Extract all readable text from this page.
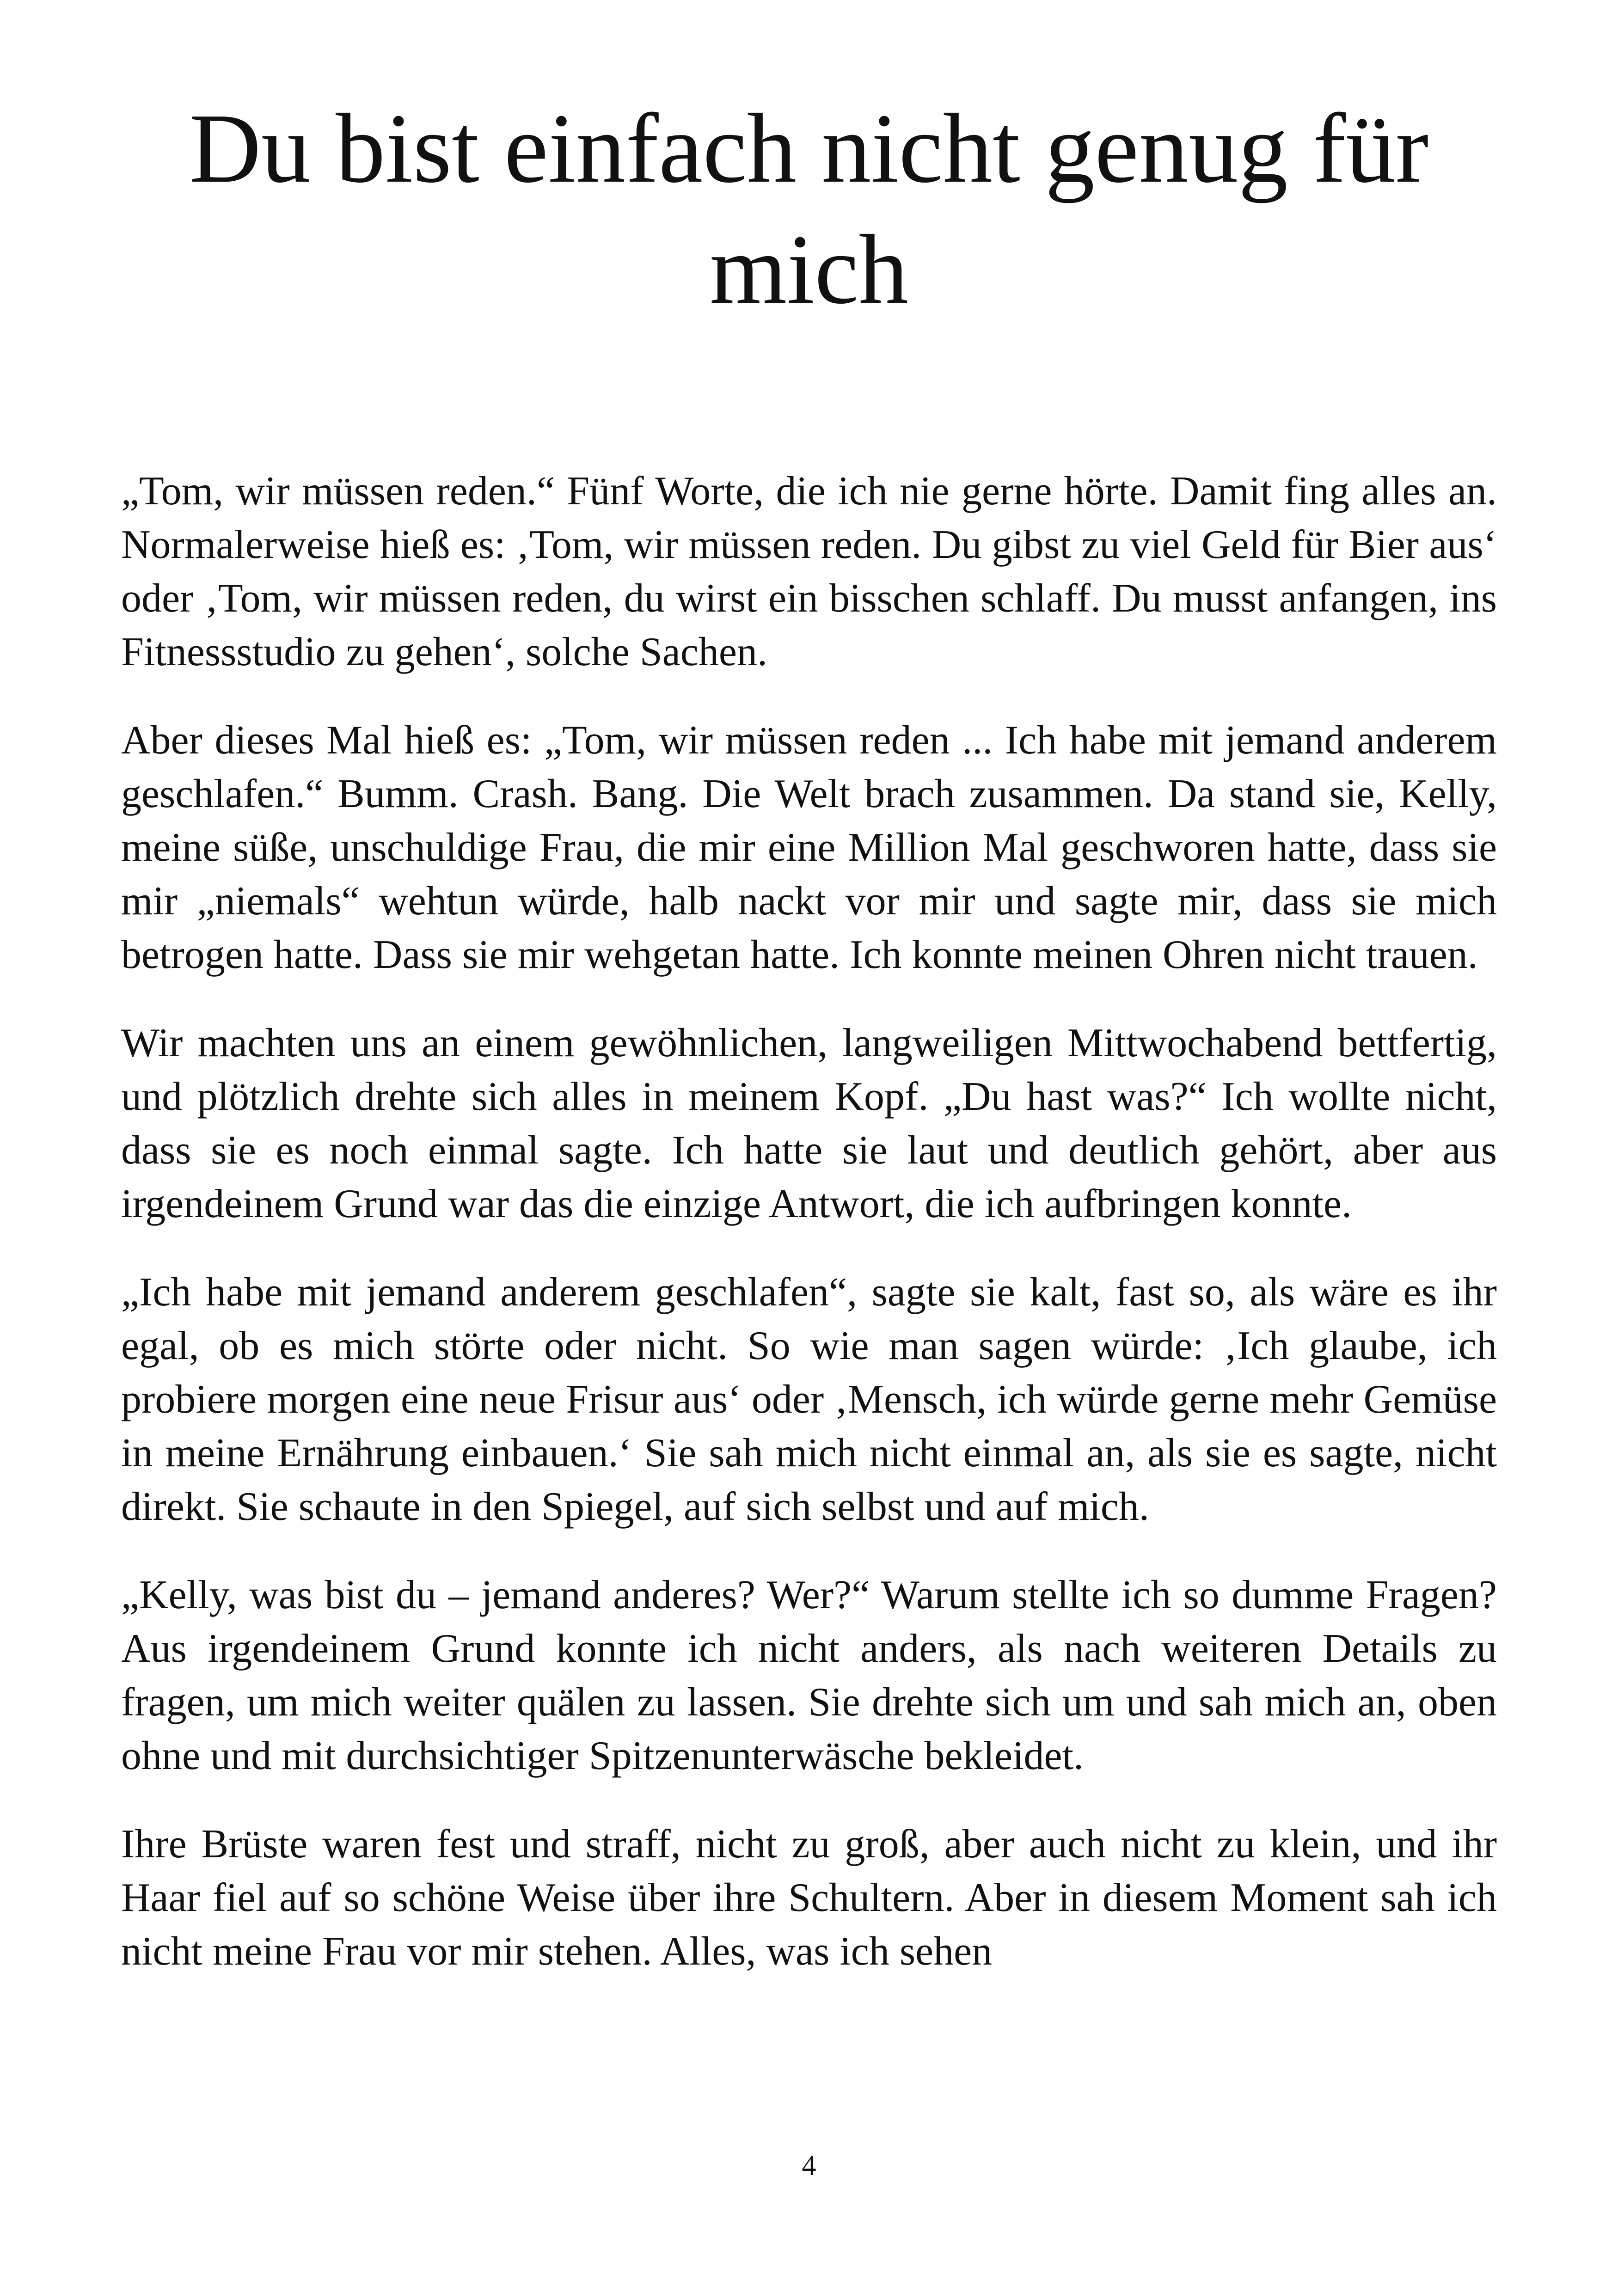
Du bist einfach nicht genug für mich

„Tom, wir müssen reden.“ Fünf Worte, die ich nie gerne hörte. Damit fing alles an. Normalerweise hieß es: ‚Tom, wir müssen reden. Du gibst zu viel Geld für Bier aus‘ oder ‚Tom, wir müssen reden, du wirst ein bisschen schlaff. Du musst anfangen, ins Fitnessstudio zu gehen‘, solche Sachen.

Aber dieses Mal hieß es: „Tom, wir müssen reden ... Ich habe mit jemand anderem geschlafen.“ Bumm. Crash. Bang. Die Welt brach zusammen. Da stand sie, Kelly, meine süße, unschuldige Frau, die mir eine Million Mal geschworen hatte, dass sie mir „niemals“ wehtun würde, halb nackt vor mir und sagte mir, dass sie mich betrogen hatte. Dass sie mir wehgetan hatte. Ich konnte meinen Ohren nicht trauen.

Wir machten uns an einem gewöhnlichen, langweiligen Mittwochabend bettfertig, und plötzlich drehte sich alles in meinem Kopf. „Du hast was?“ Ich wollte nicht, dass sie es noch einmal sagte. Ich hatte sie laut und deutlich gehört, aber aus irgendeinem Grund war das die einzige Antwort, die ich aufbringen konnte.

„Ich habe mit jemand anderem geschlafen“, sagte sie kalt, fast so, als wäre es ihr egal, ob es mich störte oder nicht. So wie man sagen würde: ‚Ich glaube, ich probiere morgen eine neue Frisur aus‘ oder ‚Mensch, ich würde gerne mehr Gemüse in meine Ernährung einbauen.‘ Sie sah mich nicht einmal an, als sie es sagte, nicht direkt. Sie schaute in den Spiegel, auf sich selbst und auf mich.

„Kelly, was bist du – jemand anderes? Wer?“ Warum stellte ich so dumme Fragen? Aus irgendeinem Grund konnte ich nicht anders, als nach weiteren Details zu fragen, um mich weiter quälen zu lassen. Sie drehte sich um und sah mich an, oben ohne und mit durchsichtiger Spitzenunterwäsche bekleidet.

Ihre Brüste waren fest und straff, nicht zu groß, aber auch nicht zu klein, und ihr Haar fiel auf so schöne Weise über ihre Schultern. Aber in diesem Moment sah ich nicht meine Frau vor mir stehen. Alles, was ich sehen

4
